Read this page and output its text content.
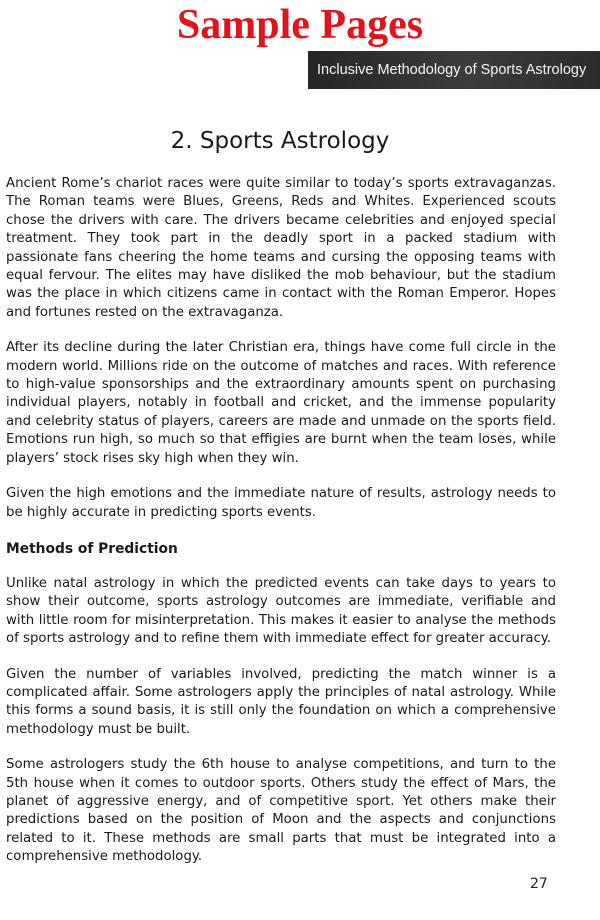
Sample Pages
Inclusive Methodology of Sports Astrology
2. Sports Astrology

Ancient Rome’s chariot races were quite similar to today’s sports extravaganzas. The Roman teams were Blues, Greens, Reds and Whites. Experienced scouts chose the drivers with care. The drivers became celebrities and enjoyed special treatment. They took part in the deadly sport in a packed stadium with passionate fans cheering the home teams and cursing the opposing teams with equal fervour. The elites may have disliked the mob behaviour, but the stadium was the place in which citizens came in contact with the Roman Emperor. Hopes and fortunes rested on the extravaganza.

After its decline during the later Christian era, things have come full circle in the modern world. Millions ride on the outcome of matches and races. With reference to high-value sponsorships and the extraordinary amounts spent on purchasing individual players, notably in football and cricket, and the immense popularity and celebrity status of players, careers are made and unmade on the sports field. Emotions run high, so much so that effigies are burnt when the team loses, while players’ stock rises sky high when they win.

Given the high emotions and the immediate nature of results, astrology needs to be highly accurate in predicting sports events.

Methods of Prediction

Unlike natal astrology in which the predicted events can take days to years to show their outcome, sports astrology outcomes are immediate, verifiable and with little room for misinterpretation. This makes it easier to analyse the methods of sports astrology and to refine them with immediate effect for greater accuracy.

Given the number of variables involved, predicting the match winner is a complicated affair. Some astrologers apply the principles of natal astrology. While this forms a sound basis, it is still only the foundation on which a comprehensive methodology must be built.

Some astrologers study the 6th house to analyse competitions, and turn to the 5th house when it comes to outdoor sports. Others study the effect of Mars, the planet of aggressive energy, and of competitive sport. Yet others make their predictions based on the position of Moon and the aspects and conjunctions related to it. These methods are small parts that must be integrated into a comprehensive methodology.

27
